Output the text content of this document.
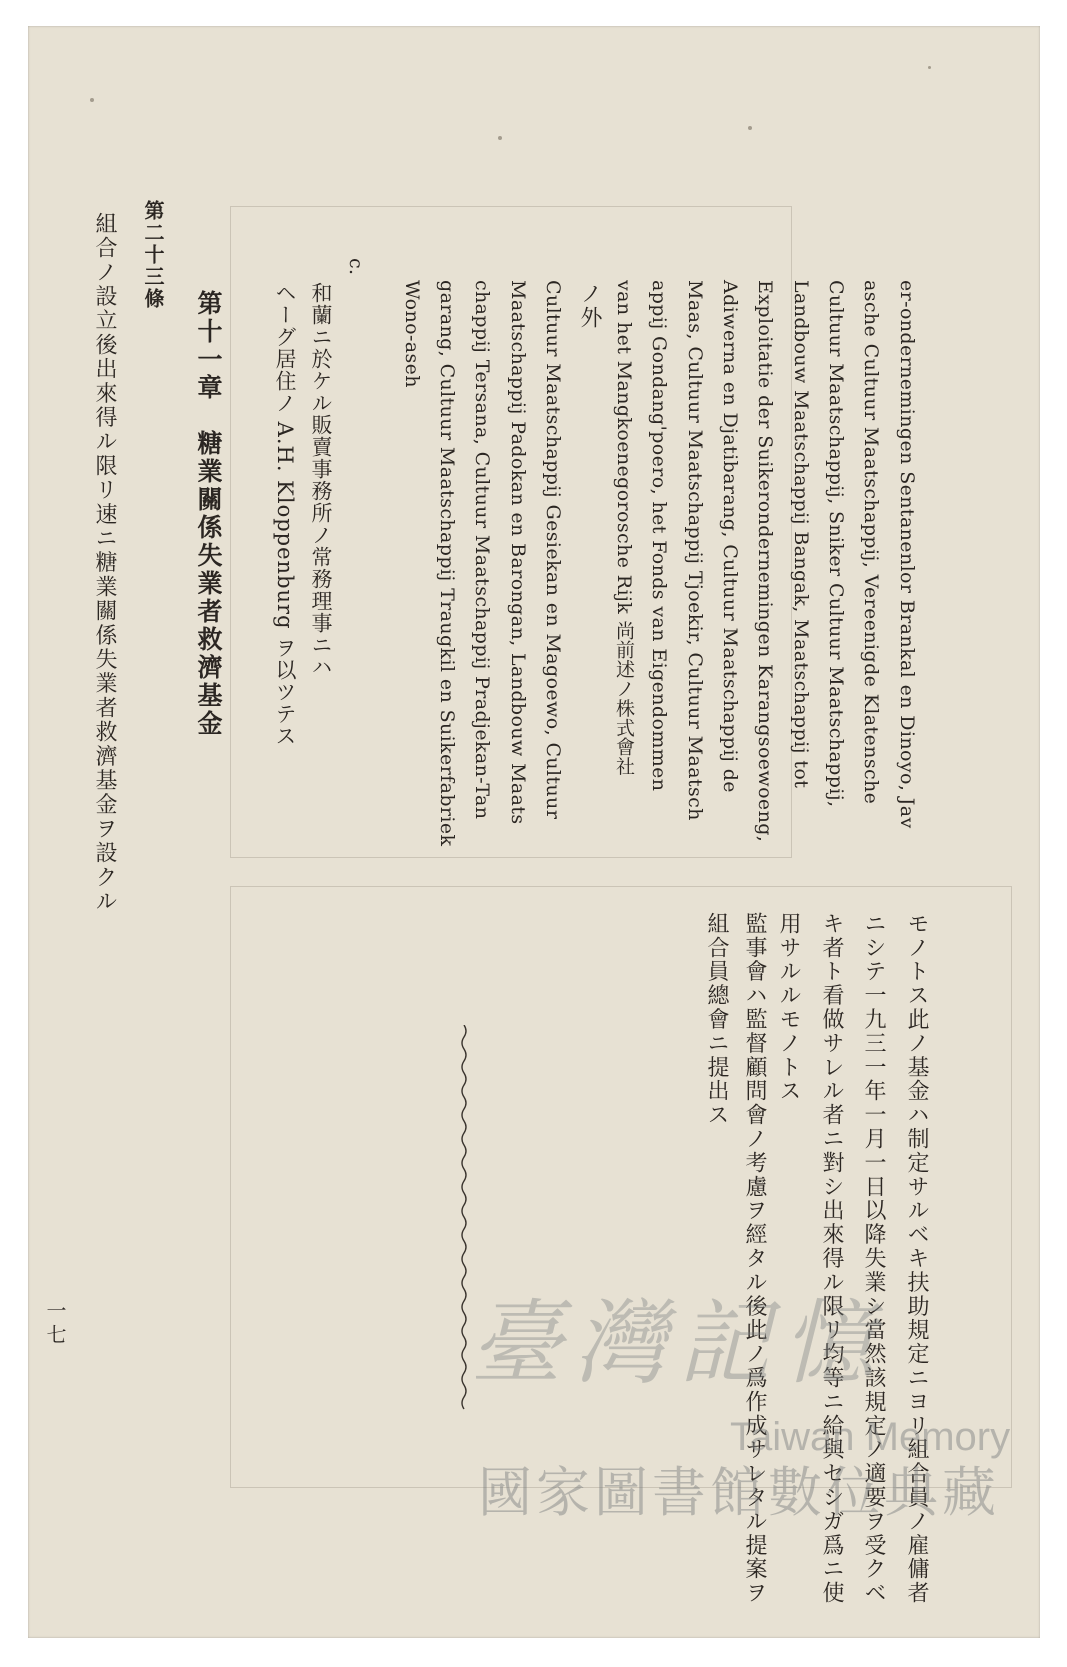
er-ondernemingen Sentanenlor Brankal en Dinoyo, Jav
asche Cultuur Maatschappij, Vereenigde Klatensche
Cultuur Maatschappij, Sniker Cultuur Maatschappij,
Landbouw Maatschappij Bangak, Maatschappij tot
Exploitatie der Suikerondernemingen Karangsoewoeng,
Adiwerna en Djatibarang, Cultuur Maatschappij de
Maas, Cultuur Maatschappij Tjoekir, Cultuur Maatsch
appij Gondang'poero, het Fonds van Eigendommen
van het Mangkoenegorosche Rijk 尚前述ノ株式會社
ノ外
Cultuur Maatschappij Gesiekan en Magoewo, Cultuur
Maatschappij Padokan en Barongan, Landbouw Maats
chappij Tersana, Cultuur Maatschappij Pradjekan-Tan
garang, Cultuur Maatschappij Traugkil en Suikerfabriek
Wono-aseh
c.
和蘭ニ於ケル販賣事務所ノ常務理事ニハ
ヘーグ居住ノ A.H. Kloppenburg ヲ以ツテス
第十一章　糖業關係失業者救濟基金
第二十三條
組合ノ設立後出來得ル限リ速ニ糖業關係失業者救濟基金ヲ設クル
一七	モノトス此ノ基金ハ制定サルベキ扶助規定ニヨリ組合員ノ雇傭者
ニシテ一九三一年一月一日以降失業シ當然該規定ノ適要ヲ受クベ
キ者ト看做サレル者ニ對シ出來得ル限リ均等ニ給與セシガ爲ニ使
用サルルモノトス
監事會ハ監督顧問會ノ考慮ヲ經タル後此ノ爲作成サレタル提案ヲ
組合員總會ニ提出ス
臺灣記憶
Taiwan Memory
國家圖書館數位典藏
